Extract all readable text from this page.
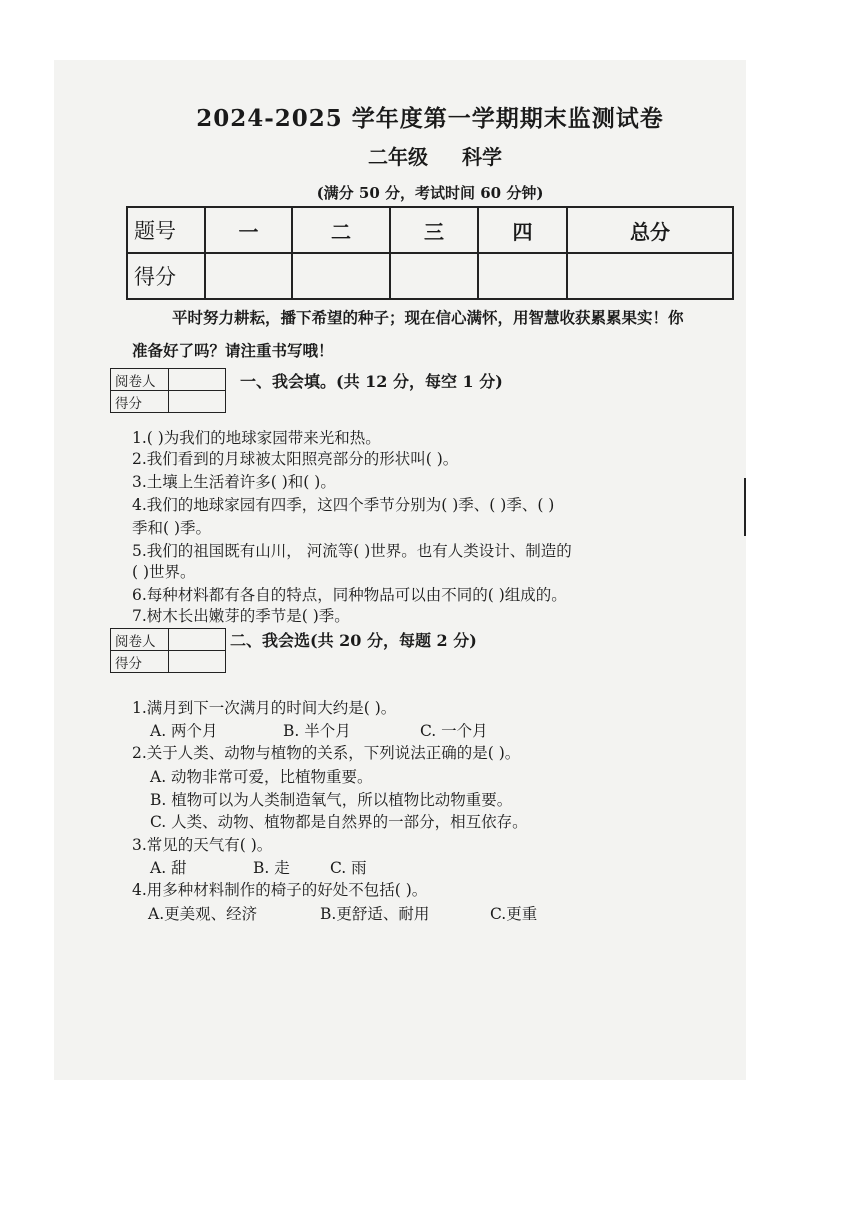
2024-2025 学年度第一学期期末监测试卷
二年级 科学
(满分 50 分，考试时间 60 分钟)
题号	一	二	三	四	总分
得分					
平时努力耕耘，播下希望的种子；现在信心满怀，用智慧收获累累果实！你
准备好了吗？请注重书写哦！
阅卷人	
得分	
一、我会填。(共 12 分，每空 1 分)
1.( )为我们的地球家园带来光和热。
2.我们看到的月球被太阳照亮部分的形状叫( )。
3.土壤上生活着许多( )和( )。
4.我们的地球家园有四季，这四个季节分别为( )季、( )季、( )
季和( )季。
5.我们的祖国既有山川， 河流等( )世界。也有人类设计、制造的
( )世界。
6.每种材料都有各自的特点，同种物品可以由不同的( )组成的。
7.树木长出嫩芽的季节是( )季。
阅卷人	
得分	
二、我会选(共 20 分，每题 2 分)
1.满月到下一次满月的时间大约是( )。
A. 两个月	B. 半个月	C. 一个月
2.关于人类、动物与植物的关系，下列说法正确的是( )。
A. 动物非常可爱，比植物重要。
B. 植物可以为人类制造氧气，所以植物比动物重要。
C. 人类、动物、植物都是自然界的一部分，相互依存。
3.常见的天气有( )。
A. 甜	B. 走	C. 雨
4.用多种材料制作的椅子的好处不包括( )。
A.更美观、经济	B.更舒适、耐用	C.更重
